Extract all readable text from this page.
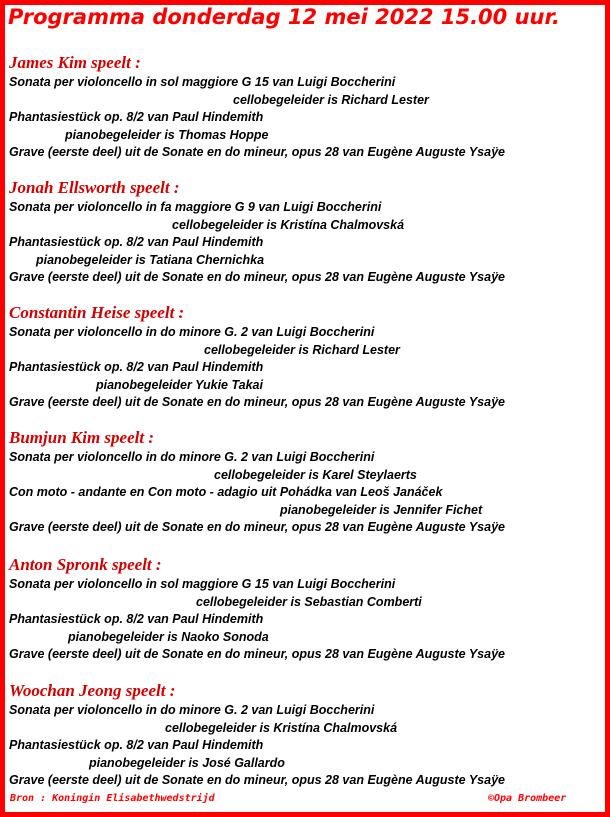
Programma donderdag 12 mei 2022 15.00 uur.
James Kim speelt :
Sonata per violoncello in sol maggiore G 15 van Luigi Boccherini
cellobegeleider is Richard Lester
Phantasiestück op. 8/2 van Paul Hindemith
pianobegeleider is Thomas Hoppe
Grave (eerste deel) uit de Sonate en do mineur, opus 28 van Eugène Auguste Ysaÿe
Jonah Ellsworth speelt :
Sonata per violoncello in fa maggiore G 9 van Luigi Boccherini
cellobegeleider is Kristína Chalmovská
Phantasiestück op. 8/2 van Paul Hindemith
pianobegeleider is Tatiana Chernichka
Grave (eerste deel) uit de Sonate en do mineur, opus 28 van Eugène Auguste Ysaÿe
Constantin Heise speelt :
Sonata per violoncello in do minore G. 2 van Luigi Boccherini
cellobegeleider is Richard Lester
Phantasiestück op. 8/2 van Paul Hindemith
pianobegeleider Yukie Takai
Grave (eerste deel) uit de Sonate en do mineur, opus 28 van Eugène Auguste Ysaÿe
Bumjun Kim speelt :
Sonata per violoncello in do minore G. 2 van Luigi Boccherini
cellobegeleider is Karel Steylaerts
Con moto - andante en Con moto - adagio uit Pohádka van Leoš Janáček
pianobegeleider is Jennifer Fichet
Grave (eerste deel) uit de Sonate en do mineur, opus 28 van Eugène Auguste Ysaÿe
Anton Spronk speelt :
Sonata per violoncello in sol maggiore G 15 van Luigi Boccherini
cellobegeleider is Sebastian Comberti
Phantasiestück op. 8/2 van Paul Hindemith
pianobegeleider is Naoko Sonoda
Grave (eerste deel) uit de Sonate en do mineur, opus 28 van Eugène Auguste Ysaÿe
Woochan Jeong speelt :
Sonata per violoncello in do minore G. 2 van Luigi Boccherini
cellobegeleider is Kristína Chalmovská
Phantasiestück op. 8/2 van Paul Hindemith
pianobegeleider is José Gallardo
Grave (eerste deel) uit de Sonate en do mineur, opus 28 van Eugène Auguste Ysaÿe
Bron : Koningin Elisabethwedstrijd	©Opa Brombeer
